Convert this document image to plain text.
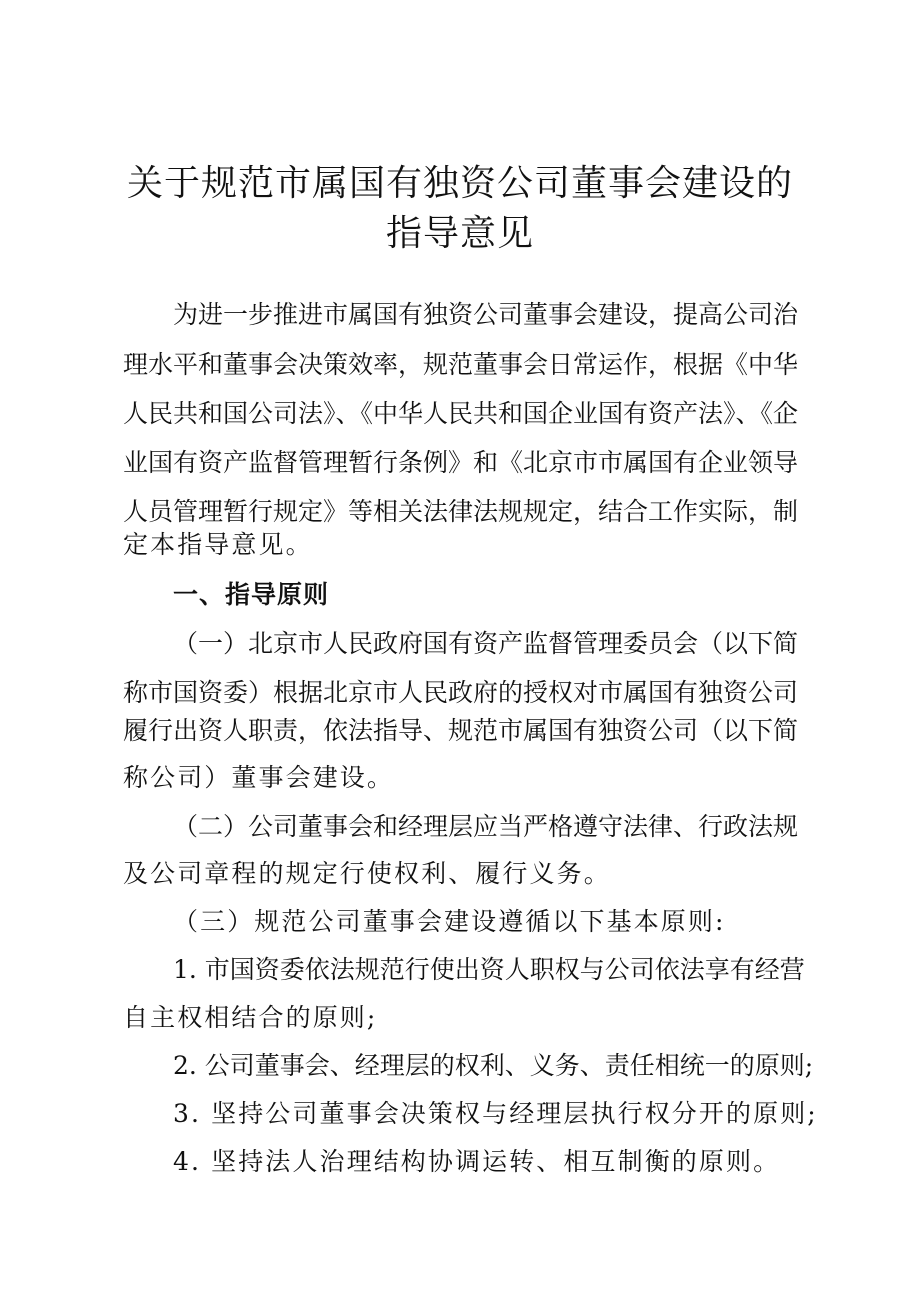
关于规范市属国有独资公司董事会建设的
指导意见
为进一步推进市属国有独资公司董事会建设，提高公司治
理水平和董事会决策效率，规范董事会日常运作，根据《中华
人民共和国公司法》、《中华人民共和国企业国有资产法》、《企
业国有资产监督管理暂行条例》和《北京市市属国有企业领导
人员管理暂行规定》等相关法律法规规定，结合工作实际，制
定本指导意见。
一、指导原则
（一）北京市人民政府国有资产监督管理委员会（以下简
称市国资委）根据北京市人民政府的授权对市属国有独资公司
履行出资人职责，依法指导、规范市属国有独资公司（以下简
称公司）董事会建设。
（二）公司董事会和经理层应当严格遵守法律、行政法规
及公司章程的规定行使权利、履行义务。
（三）规范公司董事会建设遵循以下基本原则:
1. 市国资委依法规范行使出资人职权与公司依法享有经营
自主权相结合的原则;
2. 公司董事会、经理层的权利、义务、责任相统一的原则;
3. 坚持公司董事会决策权与经理层执行权分开的原则;
4. 坚持法人治理结构协调运转、相互制衡的原则。
